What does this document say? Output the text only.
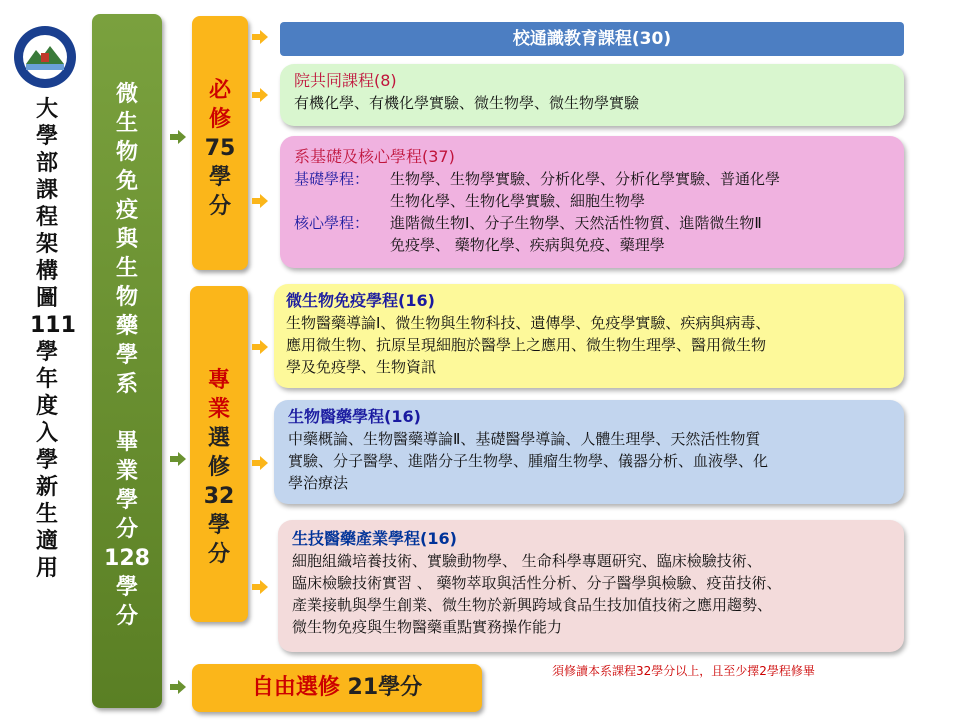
大
學
部
課
程
架
構
圖
111
學
年
度
入
學
新
生
適
用
微
生
物
免
疫
與
生
物
藥
學
系

畢
業
學
分
128
學
分
必
修
75
學
分
專
業
選
修
32
學
分
自由選修 21學分
校通識教育課程(30)
院共同課程(8)
有機化學、有機化學實驗、微生物學、微生物學實驗
系基礎及核心學程(37)
基礎學程：	生物學、生物學實驗、分析化學、分析化學實驗、普通化學
生物化學、生物化學實驗、細胞生物學
核心學程：	進階微生物Ⅰ、分子生物學、天然活性物質、進階微生物Ⅱ
免疫學、 藥物化學、疾病與免疫、藥理學
微生物免疫學程(16)
生物醫藥導論Ⅰ、微生物與生物科技、遺傳學、免疫學實驗、疾病與病毒、
應用微生物、抗原呈現細胞於醫學上之應用、微生物生理學、醫用微生物
學及免疫學、生物資訊
生物醫藥學程(16)
中藥概論、生物醫藥導論Ⅱ、基礎醫學導論、人體生理學、天然活性物質
實驗、分子醫學、進階分子生物學、腫瘤生物學、儀器分析、血液學、化
學治療法
生技醫藥產業學程(16)
細胞組織培養技術、實驗動物學、 生命科學專題研究、臨床檢驗技術、
臨床檢驗技術實習 、 藥物萃取與活性分析、分子醫學與檢驗、疫苗技術、
產業接軌與學生創業、微生物於新興跨域食品生技加值技術之應用趨勢、
微生物免疫與生物醫藥重點實務操作能力
須修讀本系課程32學分以上，且至少擇2學程修畢
